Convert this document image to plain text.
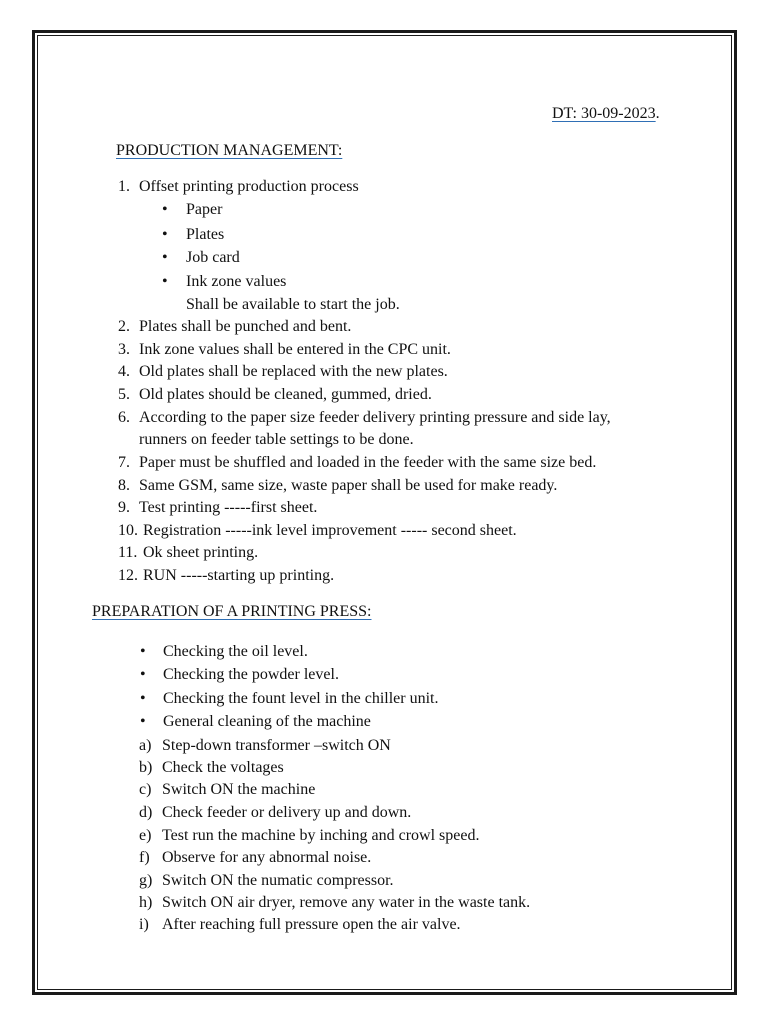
DT: 30-09-2023.
PRODUCTION MANAGEMENT:
1. Offset printing production process
• Paper
• Plates
• Job card
• Ink zone values
Shall be available to start the job.
2. Plates shall be punched and bent.
3. Ink zone values shall be entered in the CPC unit.
4. Old plates shall be replaced with the new plates.
5. Old plates should be cleaned, gummed, dried.
6. According to the paper size feeder delivery printing pressure and side lay,
runners on feeder table settings to be done.
7. Paper must be shuffled and loaded in the feeder with the same size bed.
8. Same GSM, same size, waste paper shall be used for make ready.
9. Test printing -----first sheet.
10. Registration -----ink level improvement ----- second sheet.
11. Ok sheet printing.
12. RUN -----starting up printing.
PREPARATION OF A PRINTING PRESS:
• Checking the oil level.
• Checking the powder level.
• Checking the fount level in the chiller unit.
• General cleaning of the machine
a) Step-down transformer –switch ON
b) Check the voltages
c) Switch ON the machine
d) Check feeder or delivery up and down.
e) Test run the machine by inching and crowl speed.
f) Observe for any abnormal noise.
g) Switch ON the numatic compressor.
h) Switch ON air dryer, remove any water in the waste tank.
i) After reaching full pressure open the air valve.
